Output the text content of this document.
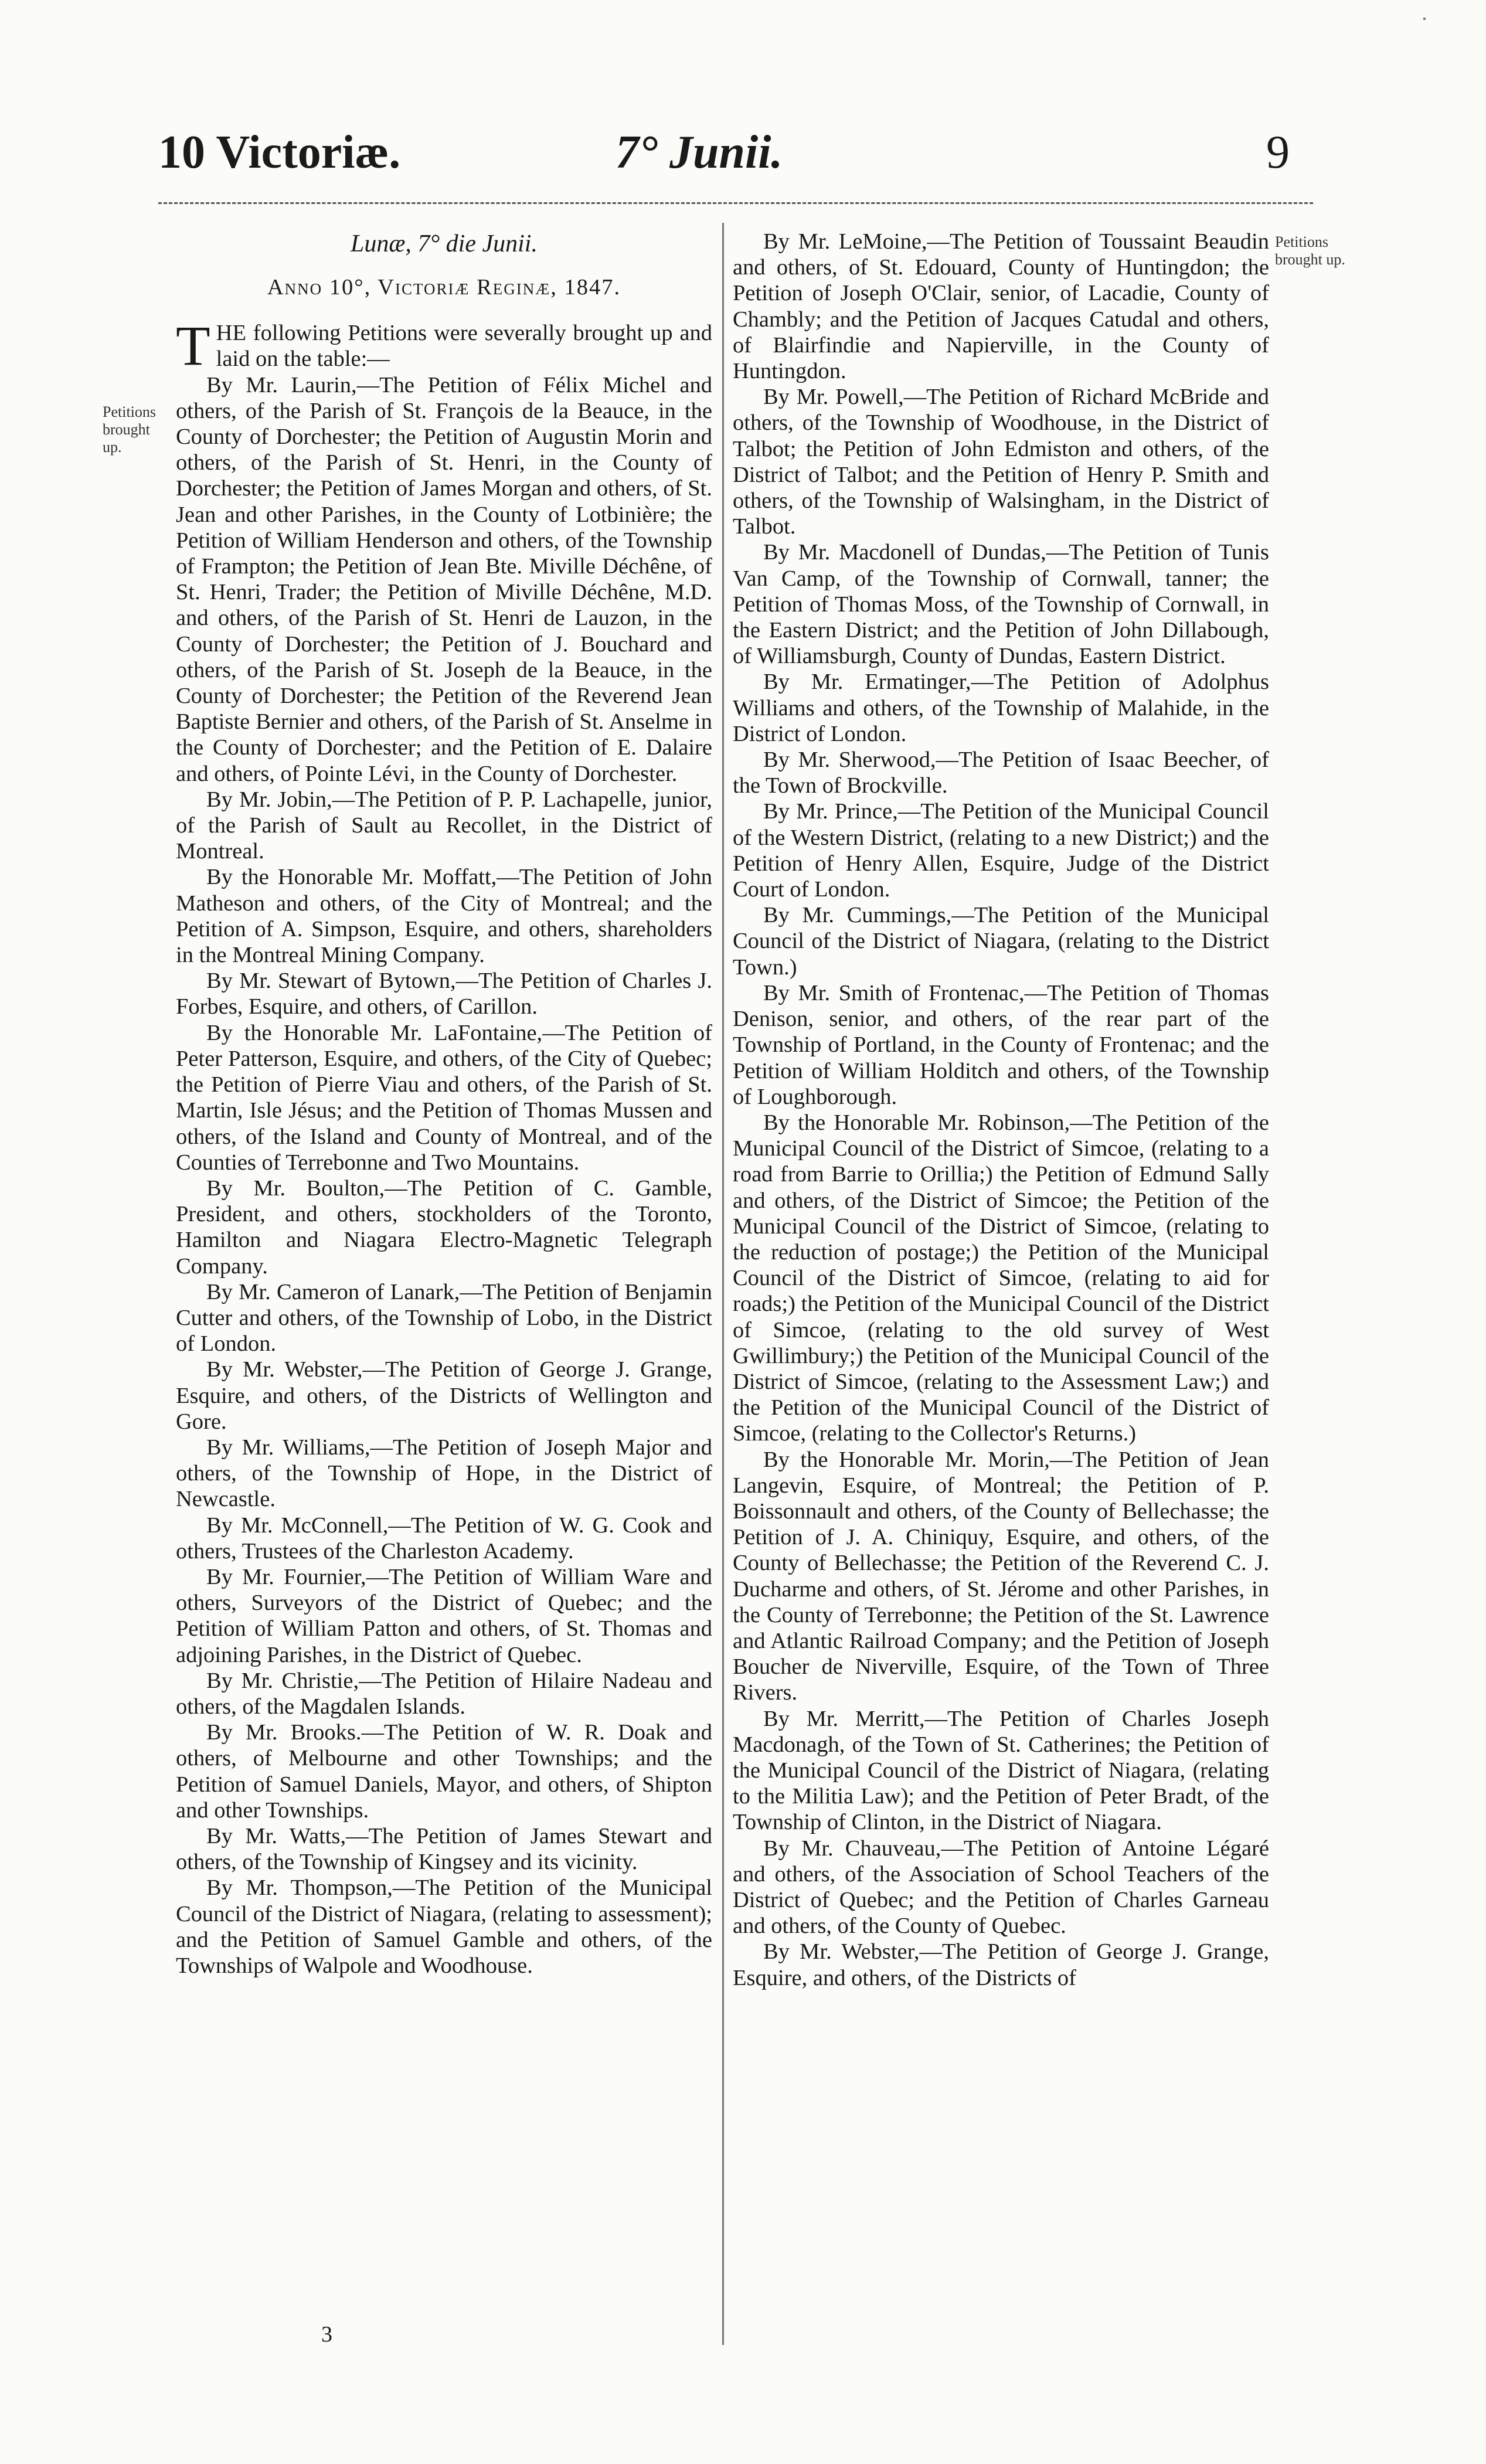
10 Victoriæ.	7° Junii.	9
Petitions brought up.
Petitions brought up.

Lunæ, 7° die Junii.

Anno 10°, Victoriæ Reginæ, 1847.

THE following Petitions were severally brought up and laid on the table:—

By Mr. Laurin,—The Petition of Félix Michel and others, of the Parish of St. François de la Beauce, in the County of Dorchester; the Petition of Augustin Morin and others, of the Parish of St. Henri, in the County of Dorchester; the Petition of James Morgan and others, of St. Jean and other Parishes, in the County of Lotbinière; the Petition of William Henderson and others, of the Township of Frampton; the Petition of Jean Bte. Miville Déchêne, of St. Henri, Trader; the Petition of Miville Déchêne, M.D. and others, of the Parish of St. Henri de Lauzon, in the County of Dorchester; the Petition of J. Bouchard and others, of the Parish of St. Joseph de la Beauce, in the County of Dorchester; the Petition of the Reverend Jean Baptiste Bernier and others, of the Parish of St. Anselme in the County of Dorchester; and the Petition of E. Dalaire and others, of Pointe Lévi, in the County of Dorchester.

By Mr. Jobin,—The Petition of P. P. Lachapelle, junior, of the Parish of Sault au Recollet, in the District of Montreal.

By the Honorable Mr. Moffatt,—The Petition of John Matheson and others, of the City of Montreal; and the Petition of A. Simpson, Esquire, and others, shareholders in the Montreal Mining Company.

By Mr. Stewart of Bytown,—The Petition of Charles J. Forbes, Esquire, and others, of Carillon.

By the Honorable Mr. LaFontaine,—The Petition of Peter Patterson, Esquire, and others, of the City of Quebec; the Petition of Pierre Viau and others, of the Parish of St. Martin, Isle Jésus; and the Petition of Thomas Mussen and others, of the Island and County of Montreal, and of the Counties of Terrebonne and Two Mountains.

By Mr. Boulton,—The Petition of C. Gamble, President, and others, stockholders of the Toronto, Hamilton and Niagara Electro-Magnetic Telegraph Company.

By Mr. Cameron of Lanark,—The Petition of Benjamin Cutter and others, of the Township of Lobo, in the District of London.

By Mr. Webster,—The Petition of George J. Grange, Esquire, and others, of the Districts of Wellington and Gore.

By Mr. Williams,—The Petition of Joseph Major and others, of the Township of Hope, in the District of Newcastle.

By Mr. McConnell,—The Petition of W. G. Cook and others, Trustees of the Charleston Academy.

By Mr. Fournier,—The Petition of William Ware and others, Surveyors of the District of Quebec; and the Petition of William Patton and others, of St. Thomas and adjoining Parishes, in the District of Quebec.

By Mr. Christie,—The Petition of Hilaire Nadeau and others, of the Magdalen Islands.

By Mr. Brooks.—The Petition of W. R. Doak and others, of Melbourne and other Townships; and the Petition of Samuel Daniels, Mayor, and others, of Shipton and other Townships.

By Mr. Watts,—The Petition of James Stewart and others, of the Township of Kingsey and its vicinity.

By Mr. Thompson,—The Petition of the Municipal Council of the District of Niagara, (relating to assessment); and the Petition of Samuel Gamble and others, of the Townships of Walpole and Woodhouse.

By Mr. LeMoine,—The Petition of Toussaint Beaudin and others, of St. Edouard, County of Huntingdon; the Petition of Joseph O'Clair, senior, of Lacadie, County of Chambly; and the Petition of Jacques Catudal and others, of Blairfindie and Napierville, in the County of Huntingdon.

By Mr. Powell,—The Petition of Richard McBride and others, of the Township of Woodhouse, in the District of Talbot; the Petition of John Edmiston and others, of the District of Talbot; and the Petition of Henry P. Smith and others, of the Township of Walsingham, in the District of Talbot.

By Mr. Macdonell of Dundas,—The Petition of Tunis Van Camp, of the Township of Cornwall, tanner; the Petition of Thomas Moss, of the Township of Cornwall, in the Eastern District; and the Petition of John Dillabough, of Williamsburgh, County of Dundas, Eastern District.

By Mr. Ermatinger,—The Petition of Adolphus Williams and others, of the Township of Malahide, in the District of London.

By Mr. Sherwood,—The Petition of Isaac Beecher, of the Town of Brockville.

By Mr. Prince,—The Petition of the Municipal Council of the Western District, (relating to a new District;) and the Petition of Henry Allen, Esquire, Judge of the District Court of London.

By Mr. Cummings,—The Petition of the Municipal Council of the District of Niagara, (relating to the District Town.)

By Mr. Smith of Frontenac,—The Petition of Thomas Denison, senior, and others, of the rear part of the Township of Portland, in the County of Frontenac; and the Petition of William Holditch and others, of the Township of Loughborough.

By the Honorable Mr. Robinson,—The Petition of the Municipal Council of the District of Simcoe, (relating to a road from Barrie to Orillia;) the Petition of Edmund Sally and others, of the District of Simcoe; the Petition of the Municipal Council of the District of Simcoe, (relating to the reduction of postage;) the Petition of the Municipal Council of the District of Simcoe, (relating to aid for roads;) the Petition of the Municipal Council of the District of Simcoe, (relating to the old survey of West Gwillimbury;) the Petition of the Municipal Council of the District of Simcoe, (relating to the Assessment Law;) and the Petition of the Municipal Council of the District of Simcoe, (relating to the Collector's Returns.)

By the Honorable Mr. Morin,—The Petition of Jean Langevin, Esquire, of Montreal; the Petition of P. Boissonnault and others, of the County of Bellechasse; the Petition of J. A. Chiniquy, Esquire, and others, of the County of Bellechasse; the Petition of the Reverend C. J. Ducharme and others, of St. Jérome and other Parishes, in the County of Terrebonne; the Petition of the St. Lawrence and Atlantic Railroad Company; and the Petition of Joseph Boucher de Niverville, Esquire, of the Town of Three Rivers.

By Mr. Merritt,—The Petition of Charles Joseph Macdonagh, of the Town of St. Catherines; the Petition of the Municipal Council of the District of Niagara, (relating to the Militia Law); and the Petition of Peter Bradt, of the Township of Clinton, in the District of Niagara.

By Mr. Chauveau,—The Petition of Antoine Légaré and others, of the Association of School Teachers of the District of Quebec; and the Petition of Charles Garneau and others, of the County of Quebec.

By Mr. Webster,—The Petition of George J. Grange, Esquire, and others, of the Districts of

3
